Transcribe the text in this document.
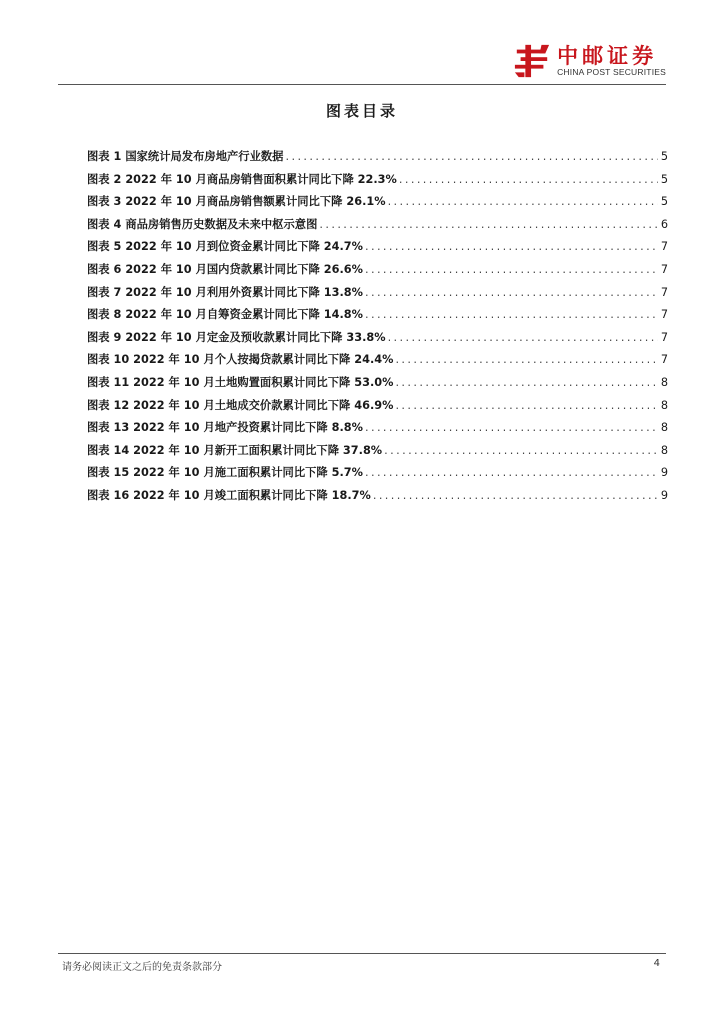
中邮证券
CHINA POST SECURITIES
图表目录
图表 1 国家统计局发布房地产行业数据 . . .	5
图表 2 2022 年 10 月商品房销售面积累计同比下降 22.3% . . .	5
图表 3 2022 年 10 月商品房销售额累计同比下降 26.1% . . .	5
图表 4 商品房销售历史数据及未来中枢示意图 . . .	6
图表 5 2022 年 10 月到位资金累计同比下降 24.7% . . .	7
图表 6 2022 年 10 月国内贷款累计同比下降 26.6% . . .	7
图表 7 2022 年 10 月利用外资累计同比下降 13.8% . . .	7
图表 8 2022 年 10 月自筹资金累计同比下降 14.8% . . .	7
图表 9 2022 年 10 月定金及预收款累计同比下降 33.8% . . .	7
图表 10 2022 年 10 月个人按揭贷款累计同比下降 24.4% . . .	7
图表 11 2022 年 10 月土地购置面积累计同比下降 53.0% . . .	8
图表 12 2022 年 10 月土地成交价款累计同比下降 46.9% . . .	8
图表 13 2022 年 10 月地产投资累计同比下降 8.8% . . .	8
图表 14 2022 年 10 月新开工面积累计同比下降 37.8% . . .	8
图表 15 2022 年 10 月施工面积累计同比下降 5.7% . . .	9
图表 16 2022 年 10 月竣工面积累计同比下降 18.7% . . .	9
请务必阅读正文之后的免责条款部分	4
